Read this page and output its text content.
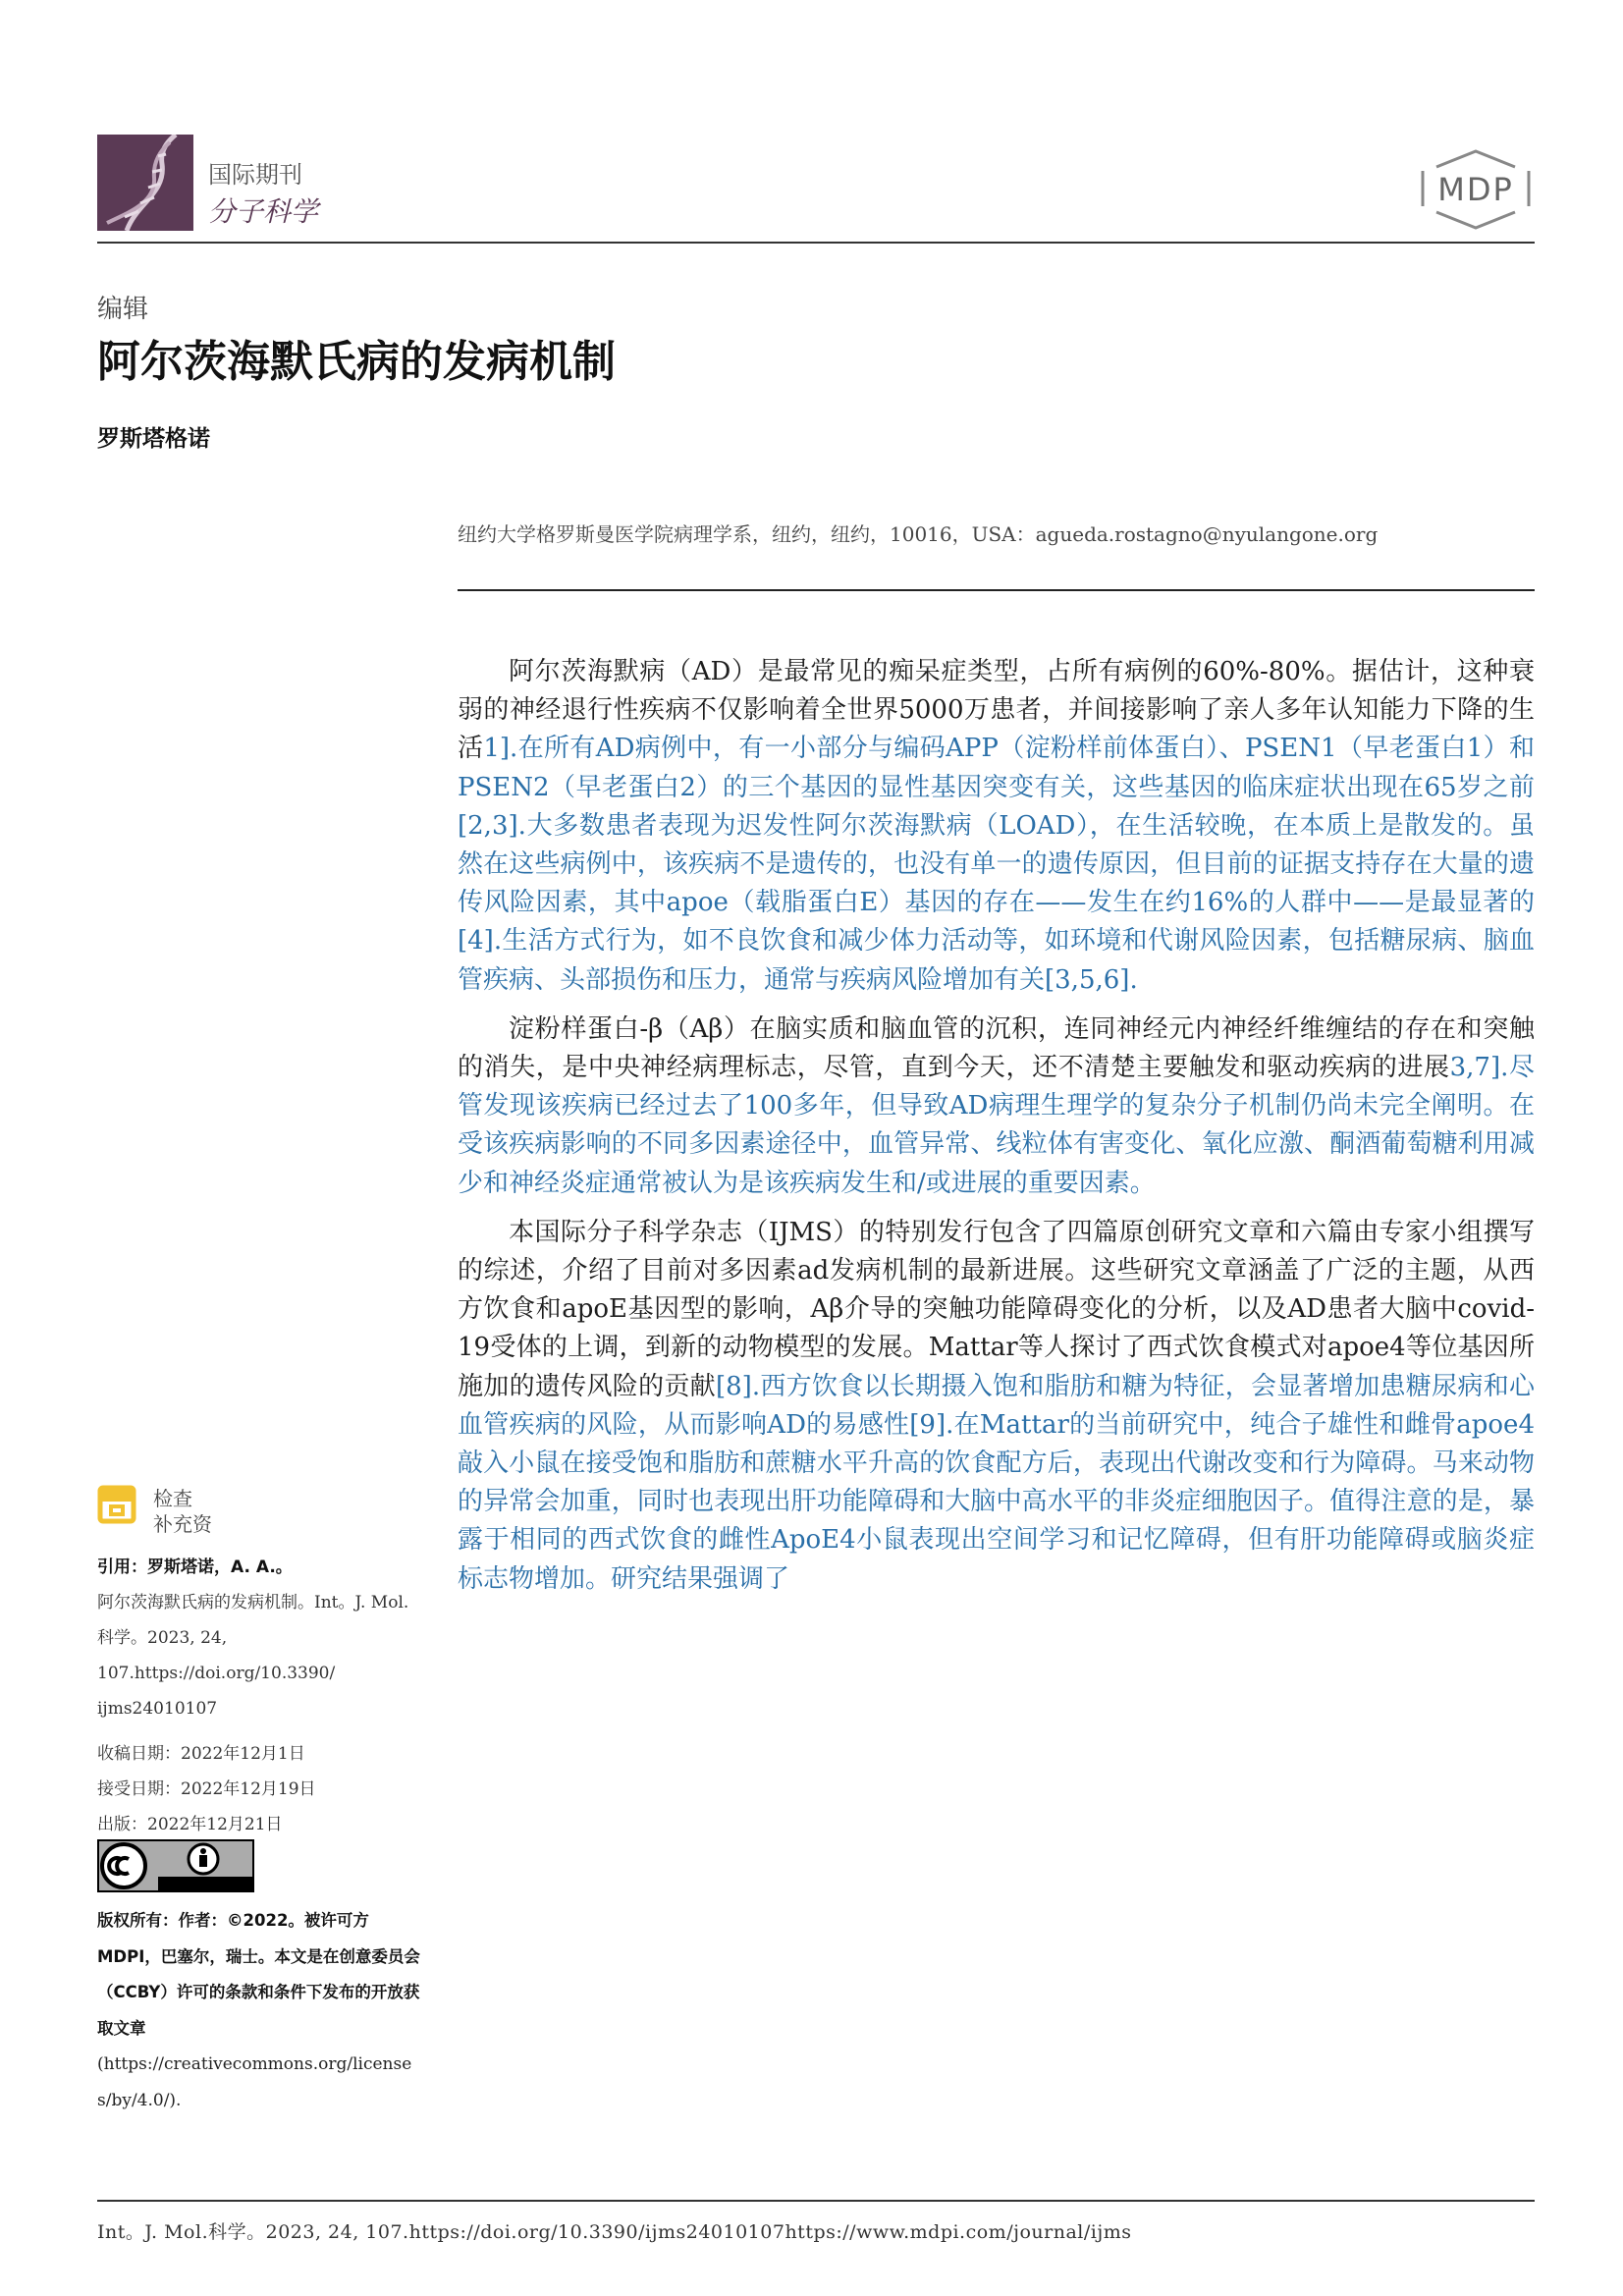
国际期刊
分子科学
MDP
编辑
阿尔茨海默氏病的发病机制
罗斯塔格诺
纽约大学格罗斯曼医学院病理学系，纽约，纽约，10016，USA：agueda.rostagno@nyulangone.org

阿尔茨海默病（AD）是最常见的痴呆症类型，占所有病例的60%-80%。据估计，这种衰弱的神经退行性疾病不仅影响着全世界5000万患者，并间接影响了亲人多年认知能力下降的生活1].在所有AD病例中，有一小部分与编码APP（淀粉样前体蛋白）、PSEN1（早老蛋白1）和PSEN2（早老蛋白2）的三个基因的显性基因突变有关，这些基因的临床症状出现在65岁之前[2,3].大多数患者表现为迟发性阿尔茨海默病（LOAD），在生活较晚，在本质上是散发的。虽然在这些病例中，该疾病不是遗传的，也没有单一的遗传原因，但目前的证据支持存在大量的遗传风险因素，其中apoe（载脂蛋白E）基因的存在——发生在约16%的人群中——是最显著的[4].生活方式行为，如不良饮食和减少体力活动等，如环境和代谢风险因素，包括糖尿病、脑血管疾病、头部损伤和压力，通常与疾病风险增加有关[3,5,6].

淀粉样蛋白-β（Aβ）在脑实质和脑血管的沉积，连同神经元内神经纤维缠结的存在和突触的消失，是中央神经病理标志，尽管，直到今天，还不清楚主要触发和驱动疾病的进展3,7].尽管发现该疾病已经过去了100多年，但导致AD病理生理学的复杂分子机制仍尚未完全阐明。在受该疾病影响的不同多因素途径中，血管异常、线粒体有害变化、氧化应激、酮酒葡萄糖利用减少和神经炎症通常被认为是该疾病发生和/或进展的重要因素。

本国际分子科学杂志（IJMS）的特别发行包含了四篇原创研究文章和六篇由专家小组撰写的综述，介绍了目前对多因素ad发病机制的最新进展。这些研究文章涵盖了广泛的主题，从西方饮食和apoE基因型的影响，Aβ介导的突触功能障碍变化的分析，以及AD患者大脑中covid-19受体的上调，到新的动物模型的发展。Mattar等人探讨了西式饮食模式对apoe4等位基因所施加的遗传风险的贡献[8].西方饮食以长期摄入饱和脂肪和糖为特征，会显著增加患糖尿病和心血管疾病的风险，从而影响AD的易感性[9].在Mattar的当前研究中，纯合子雄性和雌骨apoe4敲入小鼠在接受饱和脂肪和蔗糖水平升高的饮食配方后，表现出代谢改变和行为障碍。马来动物的异常会加重，同时也表现出肝功能障碍和大脑中高水平的非炎症细胞因子。值得注意的是，暴露于相同的西式饮食的雌性ApoE4小鼠表现出空间学习和记忆障碍，但有肝功能障碍或脑炎症标志物增加。研究结果强调了

检查
补充资

引用：罗斯塔诺，A. A.。

阿尔茨海默氏病的发病机制。Int。J. Mol.科学。2023, 24, 107.https://doi.org/10.3390/ ijms24010107

收稿日期：2022年12月1日

接受日期：2022年12月19日

出版：2022年12月21日

版权所有：作者：©2022。被许可方MDPI，巴塞尔，瑞士。本文是在创意委员会（CCBY）许可的条款和条件下发布的开放获取文章
(https://creativecommons.org/licenses/by/4.0/).
Int。J. Mol.科学。2023, 24, 107.https://doi.org/10.3390/ijms24010107https://www.mdpi.com/journal/ijms
